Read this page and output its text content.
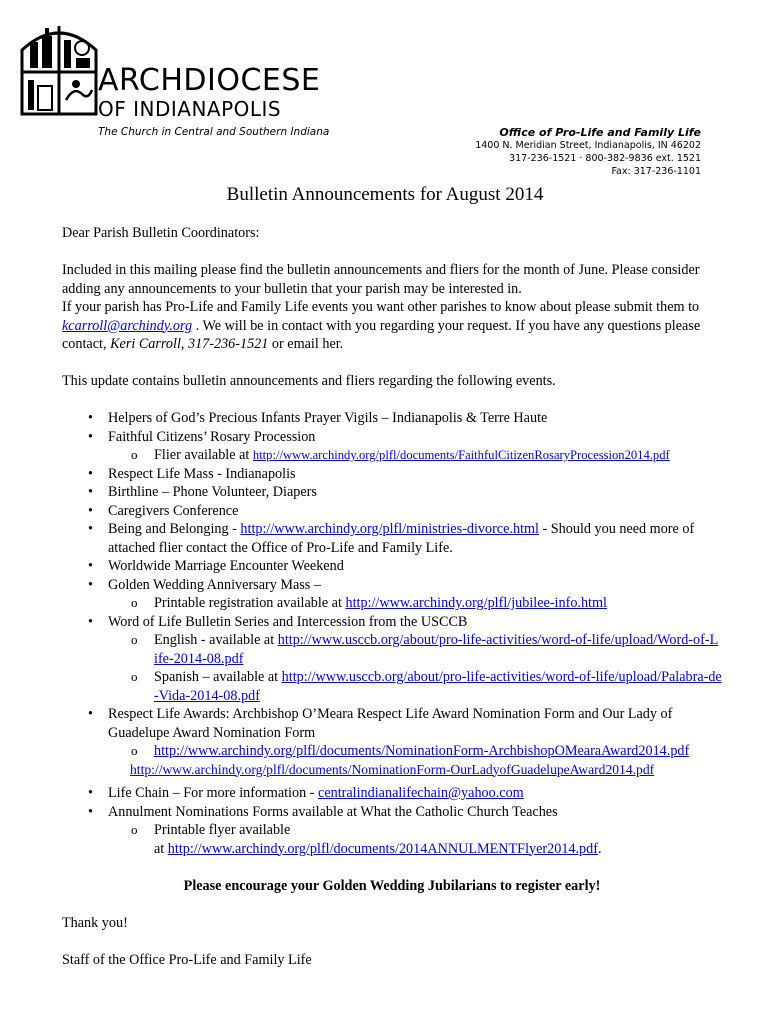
ARCHDIOCESE
OF INDIANAPOLIS
The Church in Central and Southern Indiana	Office of Pro-Life and Family Life
1400 N. Meridian Street, Indianapolis, IN 46202
317-236-1521 · 800-382-9836 ext. 1521
Fax: 317-236-1101
Bulletin Announcements for August 2014

Dear Parish Bulletin Coordinators:

Included in this mailing please find the bulletin announcements and fliers for the month of June. Please consider adding any announcements to your bulletin that your parish may be interested in.
If your parish has Pro-Life and Family Life events you want other parishes to know about please submit them to kcarroll@archindy.org . We will be in contact with you regarding your request. If you have any questions please contact, Keri Carroll, 317-236-1521 or email her.

This update contains bulletin announcements and fliers regarding the following events.

• Helpers of God’s Precious Infants Prayer Vigils – Indianapolis & Terre Haute
• Faithful Citizens’ Rosary Procession
o Flier available at http://www.archindy.org/plfl/documents/FaithfulCitizenRosaryProcession2014.pdf
• Respect Life Mass - Indianapolis
• Birthline – Phone Volunteer, Diapers
• Caregivers Conference
• Being and Belonging - http://www.archindy.org/plfl/ministries-divorce.html - Should you need more of attached flier contact the Office of Pro-Life and Family Life.
• Worldwide Marriage Encounter Weekend
• Golden Wedding Anniversary Mass –
o Printable registration available at http://www.archindy.org/plfl/jubilee-info.html
• Word of Life Bulletin Series and Intercession from the USCCB
o English - available at http://www.usccb.org/about/pro-life-activities/word-of-life/upload/Word-of-Life-2014-08.pdf
o Spanish – available at http://www.usccb.org/about/pro-life-activities/word-of-life/upload/Palabra-de-Vida-2014-08.pdf
• Respect Life Awards: Archbishop O’Meara Respect Life Award Nomination Form and Our Lady of Guadelupe Award Nomination Form
o http://www.archindy.org/plfl/documents/NominationForm-ArchbishopOMearaAward2014.pdf
http://www.archindy.org/plfl/documents/NominationForm-OurLadyofGuadelupeAward2014.pdf
• Life Chain – For more information - centralindianalifechain@yahoo.com
• Annulment Nominations Forms available at What the Catholic Church Teaches
o Printable flyer available
at http://www.archindy.org/plfl/documents/2014ANNULMENTFlyer2014.pdf.

Please encourage your Golden Wedding Jubilarians to register early!

Thank you!

Staff of the Office Pro-Life and Family Life
